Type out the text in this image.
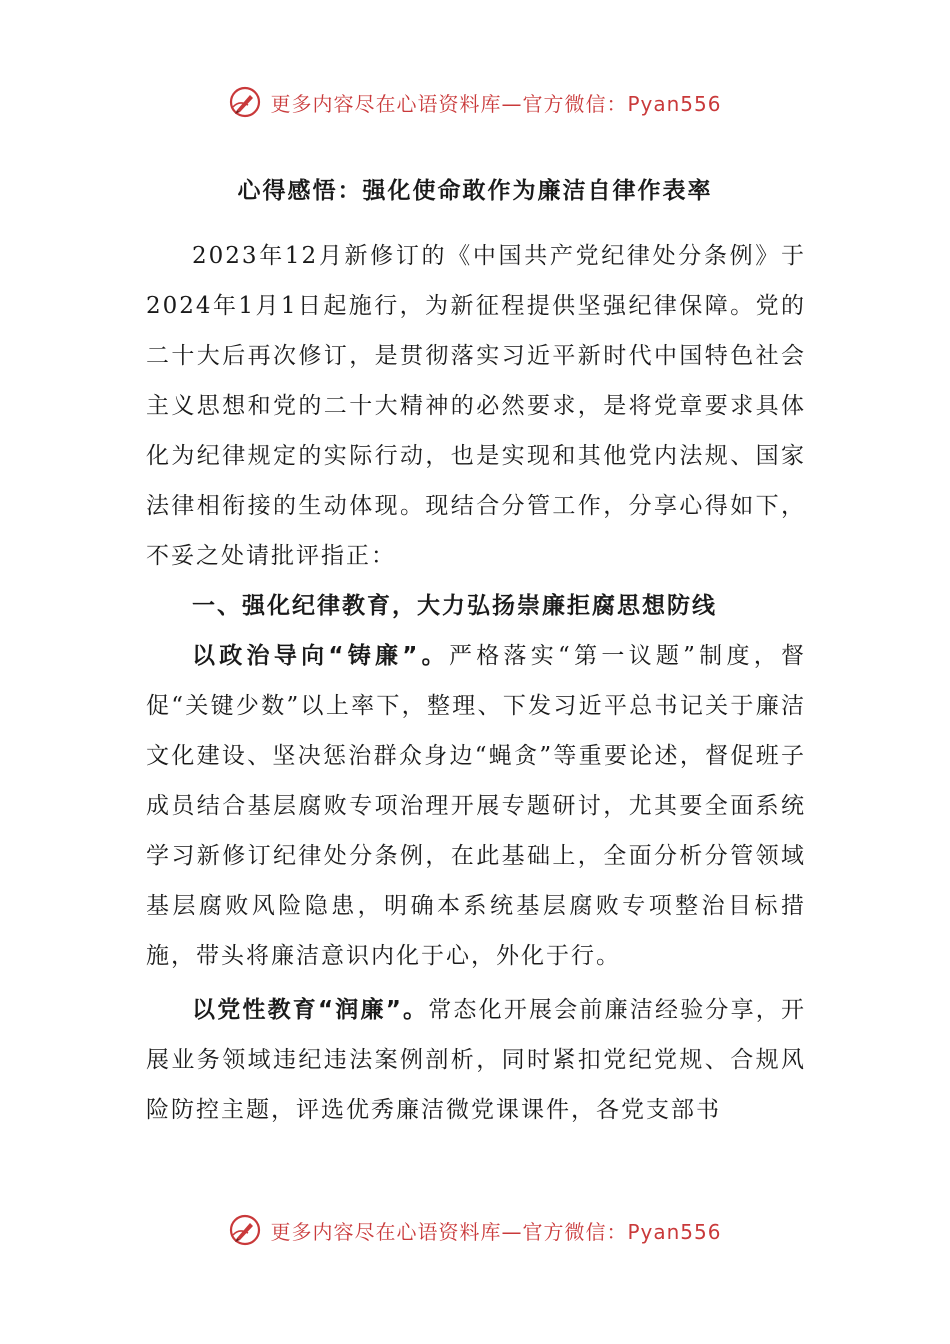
更多内容尽在心语资料库—官方微信：Pyan556
心得感悟：强化使命敢作为廉洁自律作表率

2023年12月新修订的《中国共产党纪律处分条例》于2024年1月1日起施行，为新征程提供坚强纪律保障。党的二十大后再次修订，是贯彻落实习近平新时代中国特色社会主义思想和党的二十大精神的必然要求，是将党章要求具体化为纪律规定的实际行动，也是实现和其他党内法规、国家法律相衔接的生动体现。现结合分管工作，分享心得如下，不妥之处请批评指正：

一、强化纪律教育，大力弘扬崇廉拒腐思想防线

以政治导向“铸廉”。严格落实“第一议题”制度，督促“关键少数”以上率下，整理、下发习近平总书记关于廉洁文化建设、坚决惩治群众身边“蝇贪”等重要论述，督促班子成员结合基层腐败专项治理开展专题研讨，尤其要全面系统学习新修订纪律处分条例，在此基础上，全面分析分管领域基层腐败风险隐患，明确本系统基层腐败专项整治目标措施，带头将廉洁意识内化于心，外化于行。

以党性教育“润廉”。常态化开展会前廉洁经验分享，开展业务领域违纪违法案例剖析，同时紧扣党纪党规、合规风险防控主题，评选优秀廉洁微党课课件，各党支部书

更多内容尽在心语资料库—官方微信：Pyan556
